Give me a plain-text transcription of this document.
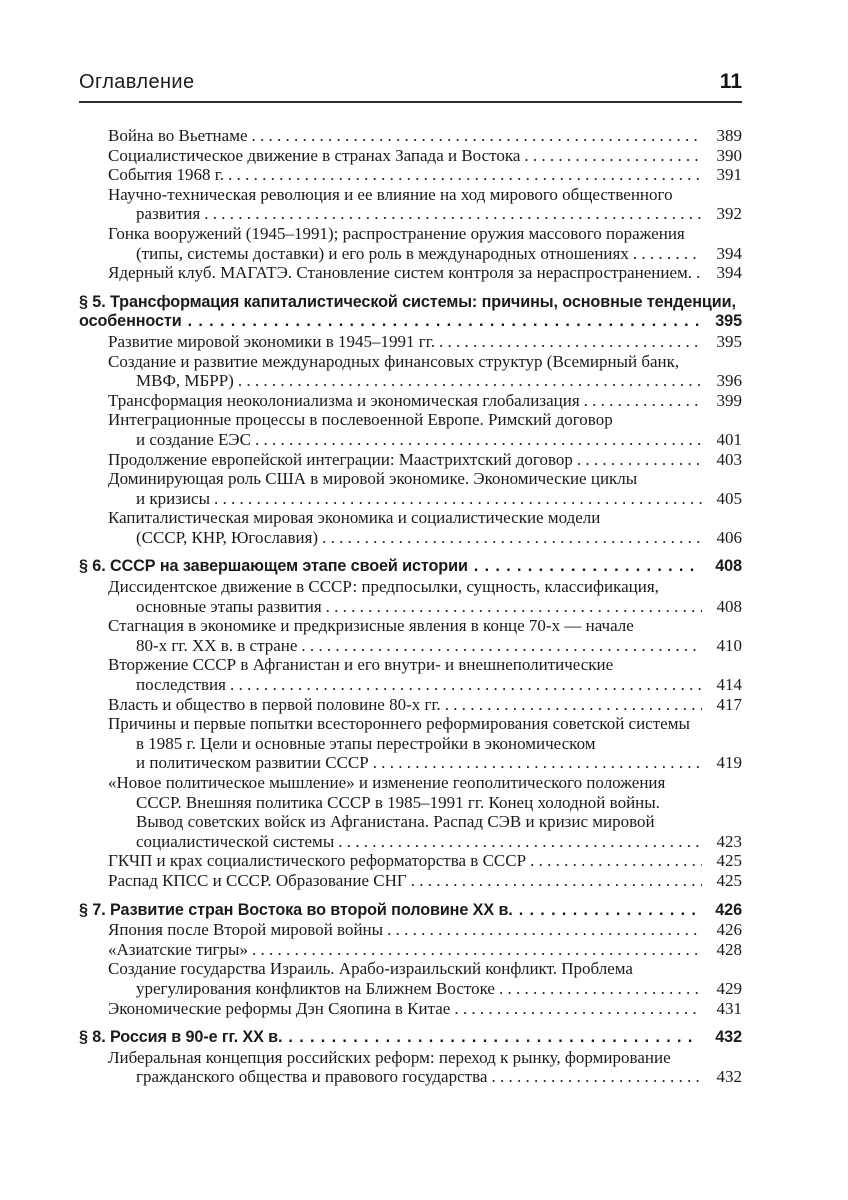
Оглавление	11
Война во Вьетнаме . . .	389
Социалистическое движение в странах Запада и Востока . . .	390
События 1968 г. . . .	391
Научно-техническая революция и ее влияние на ход мирового общественного
развития . . .	392
Гонка вооружений (1945–1991); распространение оружия массового поражения
(типы, системы доставки) и его роль в международных отношениях . . .	394
Ядерный клуб. МАГАТЭ. Становление систем контроля за нераспространением. . . .	394
§ 5. Трансформация капиталистической системы: причины, основные тенденции,
особенности . . .	395
Развитие мировой экономики в 1945–1991 гг. . . .	395
Создание и развитие международных финансовых структур (Всемирный банк,
МВФ, МБРР) . . .	396
Трансформация неоколониализма и экономическая глобализация . . .	399
Интеграционные процессы в послевоенной Европе. Римский договор
и создание ЕЭС . . .	401
Продолжение европейской интеграции: Маастрихтский договор . . .	403
Доминирующая роль США в мировой экономике. Экономические циклы
и кризисы . . .	405
Капиталистическая мировая экономика и социалистические модели
(СССР, КНР, Югославия) . . .	406
§ 6. СССР на завершающем этапе своей истории . . .	408
Диссидентское движение в СССР: предпосылки, сущность, классификация,
основные этапы развития . . .	408
Стагнация в экономике и предкризисные явления в конце 70-х — начале
80-х гг. XX в. в стране . . .	410
Вторжение СССР в Афганистан и его внутри- и внешнеполитические
последствия . . .	414
Власть и общество в первой половине 80-х гг. . . .	417
Причины и первые попытки всестороннего реформирования советской системы
в 1985 г. Цели и основные этапы перестройки в экономическом
и политическом развитии СССР . . .	419
«Новое политическое мышление» и изменение геополитического положения
СССР. Внешняя политика СССР в 1985–1991 гг. Конец холодной войны.
Вывод советских войск из Афганистана. Распад СЭВ и кризис мировой
социалистической системы . . .	423
ГКЧП и крах социалистического реформаторства в СССР . . .	425
Распад КПСС и СССР. Образование СНГ . . .	425
§ 7. Развитие стран Востока во второй половине XX в. . . .	426
Япония после Второй мировой войны . . .	426
«Азиатские тигры» . . .	428
Создание государства Израиль. Арабо-израильский конфликт. Проблема
урегулирования конфликтов на Ближнем Востоке . . .	429
Экономические реформы Дэн Сяопина в Китае . . .	431
§ 8. Россия в 90-е гг. XX в. . . .	432
Либеральная концепция российских реформ: переход к рынку, формирование
гражданского общества и правового государства . . .	432
